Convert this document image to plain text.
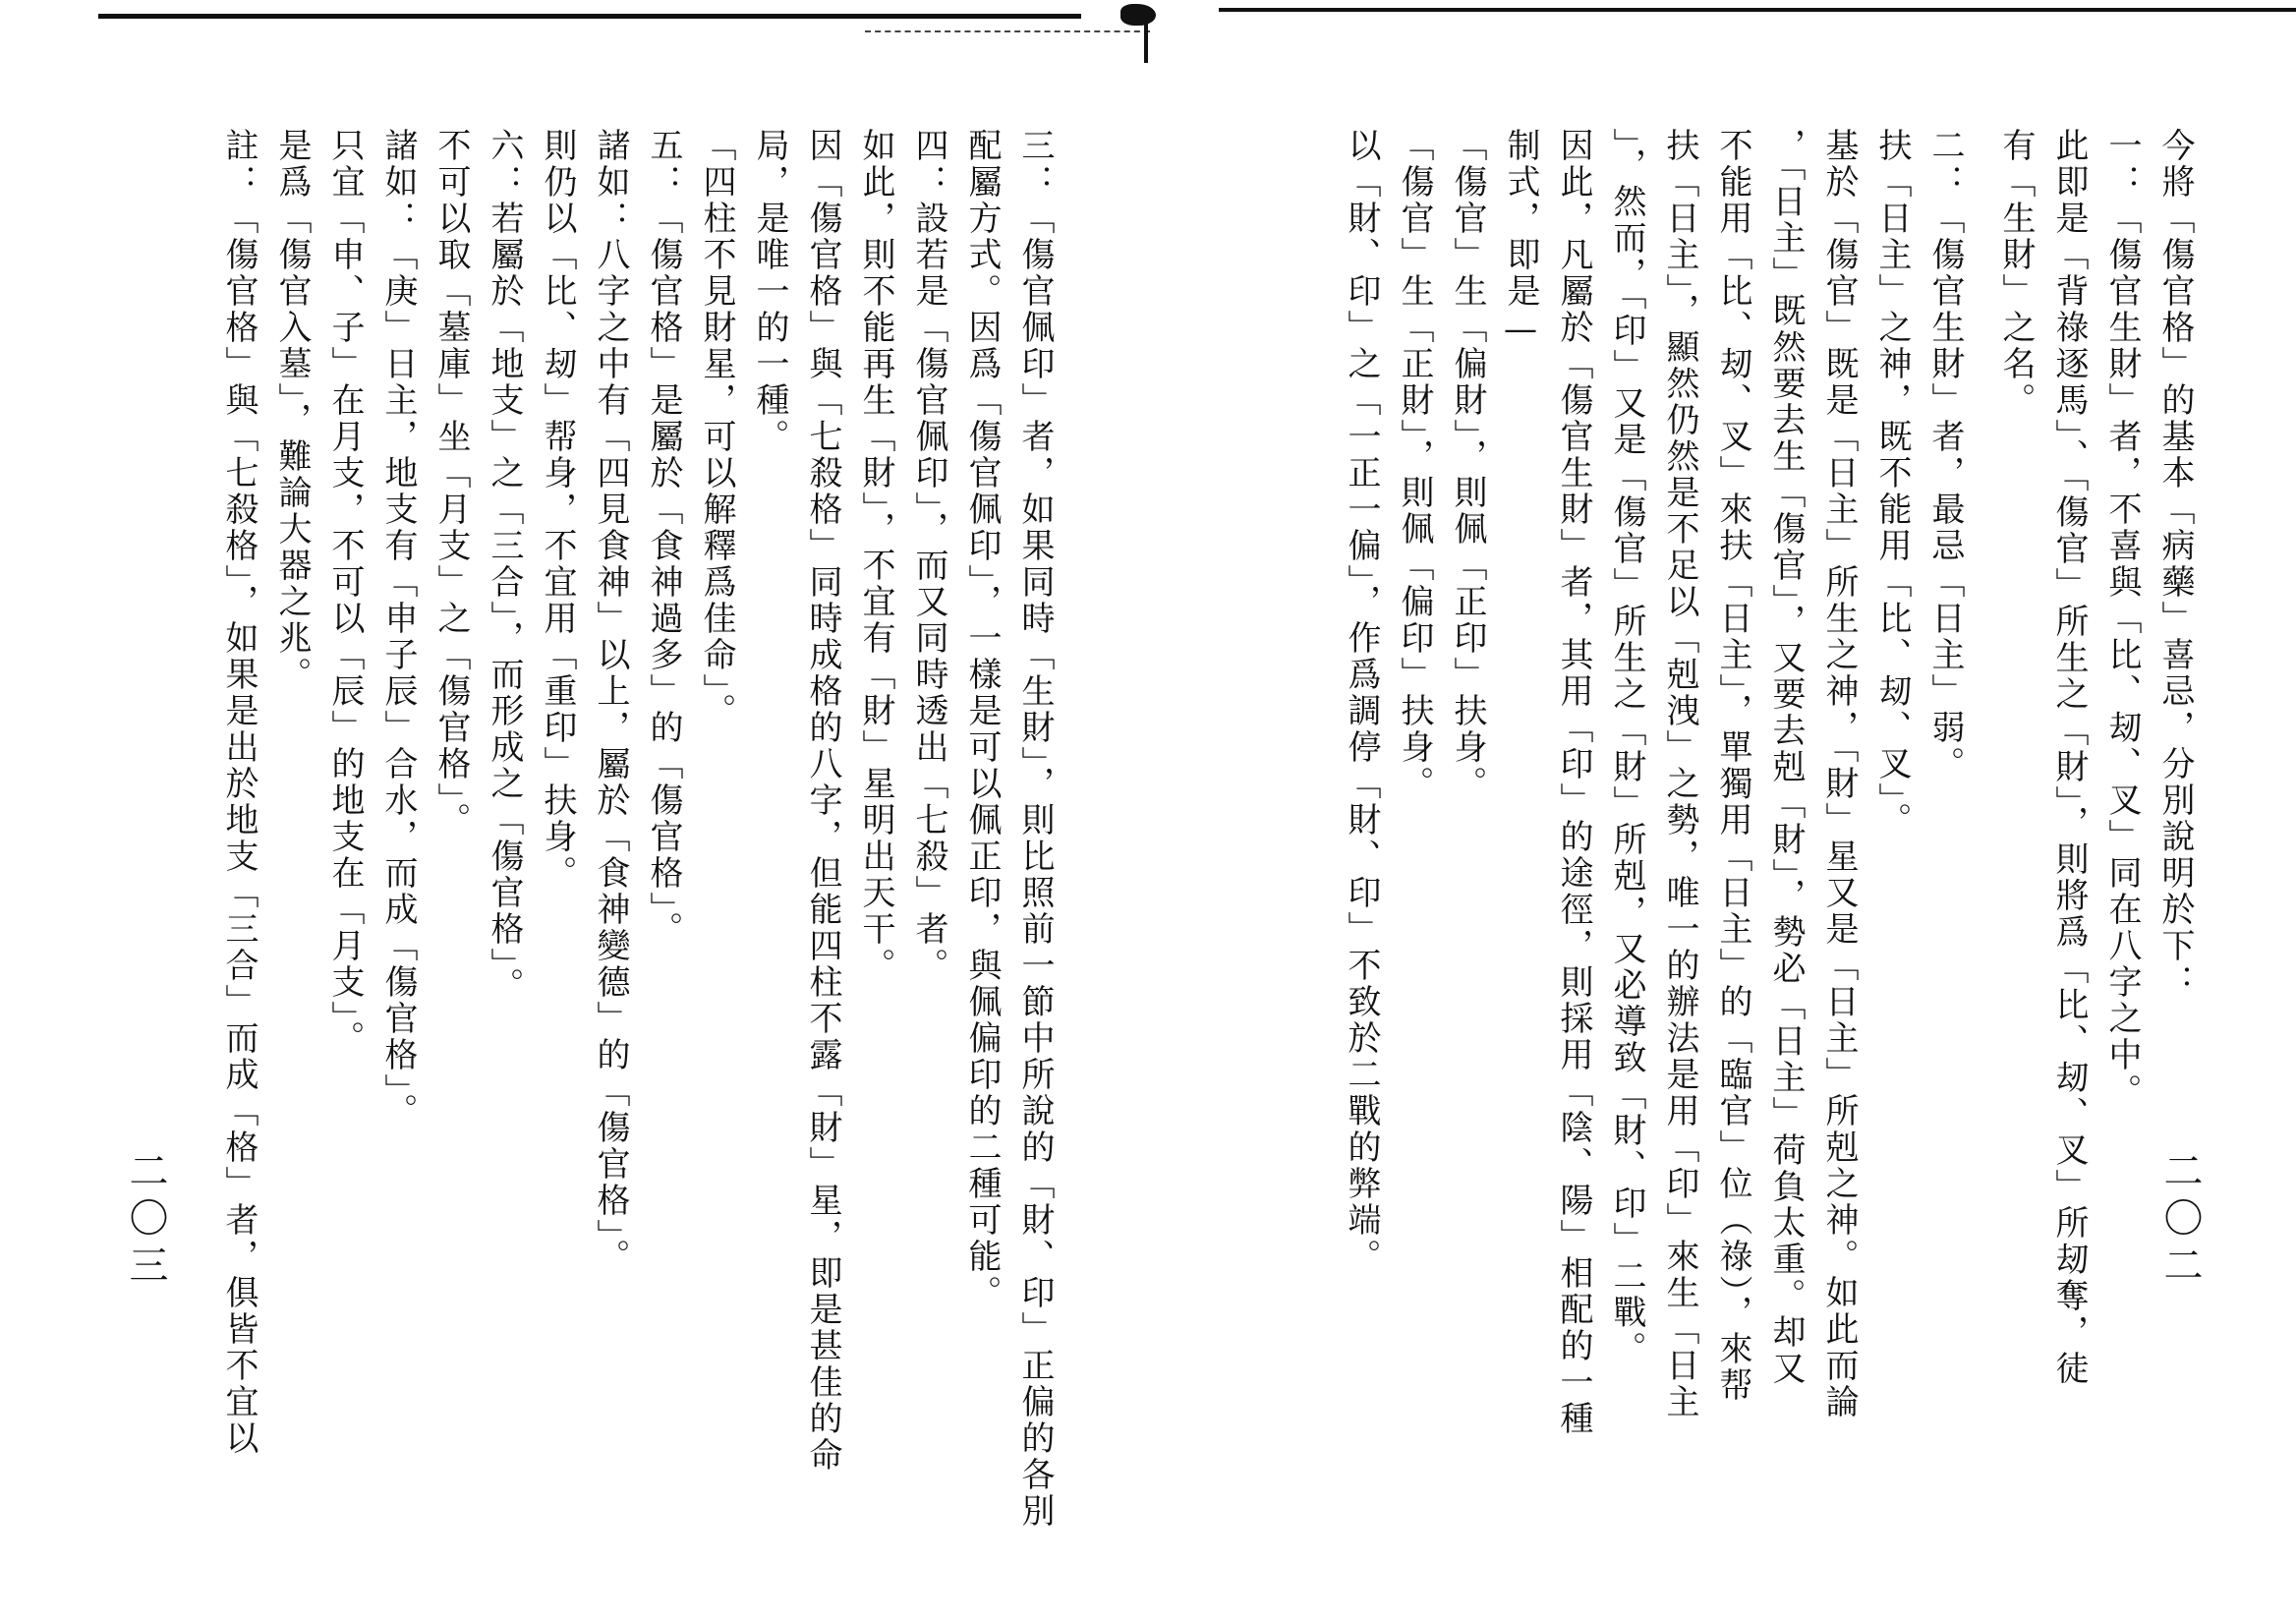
今將「傷官格」的基本「病藥」喜忌，分別說明於下：
一：「傷官生財」者，不喜與「比、刼、叉」同在八字之中。
此即是「背祿逐馬」、「傷官」所生之「財」，則將爲「比、刼、叉」所刼奪，徒
有「生財」之名。
二：「傷官生財」者，最忌「日主」弱。
扶「日主」之神，既不能用「比、刼、叉」。
基於「傷官」既是「日主」所生之神，「財」星又是「日主」所剋之神。如此而論
，「日主」既然要去生「傷官」，又要去剋「財」，勢必「日主」荷負太重。却又
不能用「比、刼、叉」來扶「日主」，單獨用「日主」的「臨官」位（祿），來帮
扶「日主」，顯然仍然是不足以「剋洩」之勢，唯一的辦法是用「印」來生「日主
」，然而，「印」又是「傷官」所生之「財」所剋，又必導致「財、印」二戰。
因此，凡屬於「傷官生財」者，其用「印」的途徑，則採用「陰、陽」相配的一種
制式，即是—
「傷官」生「偏財」，則佩「正印」扶身。
「傷官」生「正財」，則佩「偏印」扶身。
以「財、印」之「一正一偏」，作爲調停「財、印」不致於二戰的弊端。	二〇二
三：「傷官佩印」者，如果同時「生財」，則比照前一節中所說的「財、印」正偏的各別
配屬方式。因爲「傷官佩印」，一樣是可以佩正印，與佩偏印的二種可能。
四：設若是「傷官佩印」，而又同時透出「七殺」者。
如此，則不能再生「財」，不宜有「財」星明出天干。
因「傷官格」與「七殺格」同時成格的八字，但能四柱不露「財」星，即是甚佳的命
局，是唯一的一種。
「四柱不見財星，可以解釋爲佳命」。
五：「傷官格」是屬於「食神過多」的「傷官格」。
諸如：八字之中有「四見食神」以上，屬於「食神變德」的「傷官格」。
則仍以「比、刼」帮身，不宜用「重印」扶身。
六：若屬於「地支」之「三合」，而形成之「傷官格」。
不可以取「墓庫」坐「月支」之「傷官格」。
諸如：「庚」日主，地支有「申子辰」合水，而成「傷官格」。
只宜「申、子」在月支，不可以「辰」的地支在「月支」。
是爲「傷官入墓」，難論大器之兆。
註：「傷官格」與「七殺格」，如果是出於地支「三合」而成「格」者，俱皆不宜以
二〇三
